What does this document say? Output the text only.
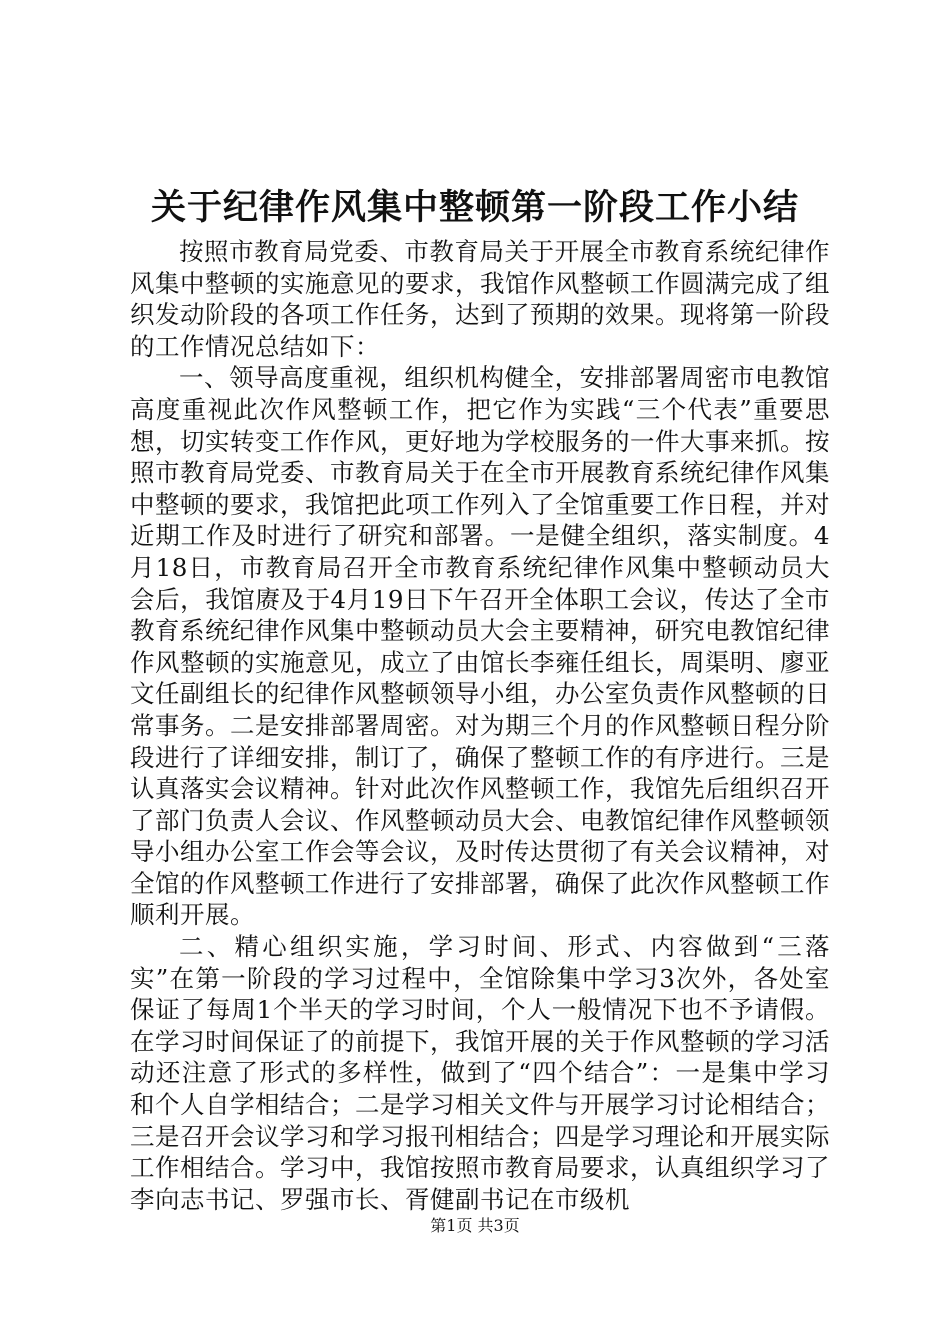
关于纪律作风集中整顿第一阶段工作小结

按照市教育局党委、市教育局关于开展全市教育系统纪律作风集中整顿的实施意见的要求，我馆作风整顿工作圆满完成了组织发动阶段的各项工作任务，达到了预期的效果。现将第一阶段的工作情况总结如下：

一、领导高度重视，组织机构健全，安排部署周密市电教馆高度重视此次作风整顿工作，把它作为实践“三个代表”重要思想，切实转变工作作风，更好地为学校服务的一件大事来抓。按照市教育局党委、市教育局关于在全市开展教育系统纪律作风集中整顿的要求，我馆把此项工作列入了全馆重要工作日程，并对近期工作及时进行了研究和部署。一是健全组织，落实制度。4月18日，市教育局召开全市教育系统纪律作风集中整顿动员大会后，我馆赓及于4月19日下午召开全体职工会议，传达了全市教育系统纪律作风集中整顿动员大会主要精神，研究电教馆纪律作风整顿的实施意见，成立了由馆长李雍任组长，周渠明、廖亚文任副组长的纪律作风整顿领导小组，办公室负责作风整顿的日常事务。二是安排部署周密。对为期三个月的作风整顿日程分阶段进行了详细安排，制订了，确保了整顿工作的有序进行。三是认真落实会议精神。针对此次作风整顿工作，我馆先后组织召开了部门负责人会议、作风整顿动员大会、电教馆纪律作风整顿领导小组办公室工作会等会议，及时传达贯彻了有关会议精神，对全馆的作风整顿工作进行了安排部署，确保了此次作风整顿工作顺利开展。

二、精心组织实施，学习时间、形式、内容做到“三落实”在第一阶段的学习过程中，全馆除集中学习3次外，各处室保证了每周1个半天的学习时间，个人一般情况下也不予请假。在学习时间保证了的前提下，我馆开展的关于作风整顿的学习活动还注意了形式的多样性，做到了“四个结合”：一是集中学习和个人自学相结合；二是学习相关文件与开展学习讨论相结合；三是召开会议学习和学习报刊相结合；四是学习理论和开展实际工作相结合。学习中，我馆按照市教育局要求，认真组织学习了李向志书记、罗强市长、胥健副书记在市级机

第1页 共3页
